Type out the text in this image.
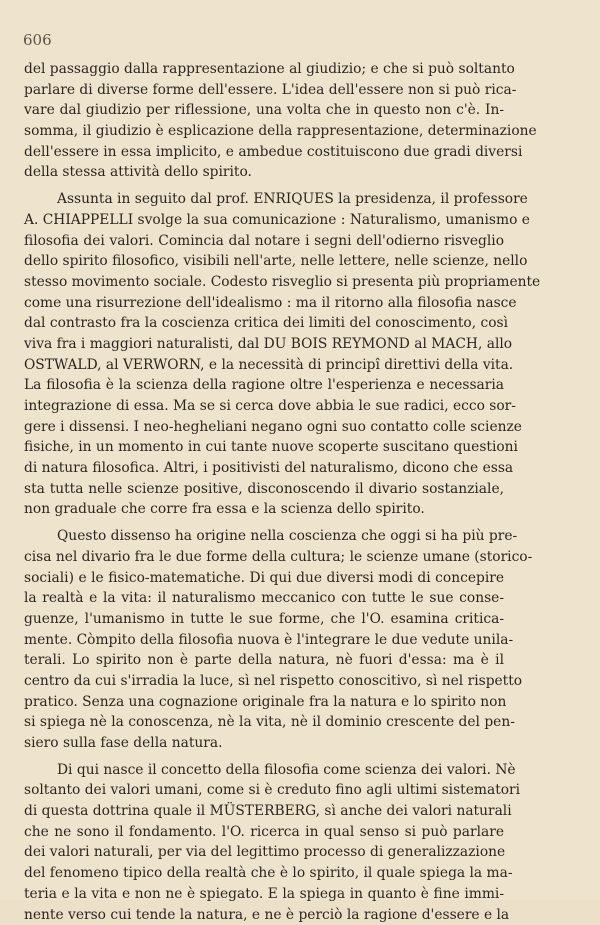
606
del passaggio dalla rappresentazione al giudizio; e che si può soltanto
parlare di diverse forme dell'essere. L'idea dell'essere non si può rica-
vare dal giudizio per riflessione, una volta che in questo non c'è. In-
somma, il giudizio è esplicazione della rappresentazione, determinazione
dell'essere in essa implicito, e ambedue costituiscono due gradi diversi
della stessa attività dello spirito.
Assunta in seguito dal prof. ENRIQUES la presidenza, il professore
A. CHIAPPELLI svolge la sua comunicazione : Naturalismo, umanismo e
filosofia dei valori. Comincia dal notare i segni dell'odierno risveglio
dello spirito filosofico, visibili nell'arte, nelle lettere, nelle scienze, nello
stesso movimento sociale. Codesto risveglio si presenta più propriamente
come una risurrezione dell'idealismo : ma il ritorno alla filosofia nasce
dal contrasto fra la coscienza critica dei limiti del conoscimento, così
viva fra i maggiori naturalisti, dal DU BOIS REYMOND al MACH, allo
OSTWALD, al VERWORN, e la necessità di principî direttivi della vita.
La filosofia è la scienza della ragione oltre l'esperienza e necessaria
integrazione di essa. Ma se si cerca dove abbia le sue radici, ecco sor-
gere i dissensi. I neo-hegheliani negano ogni suo contatto colle scienze
fisiche, in un momento in cui tante nuove scoperte suscitano questioni
di natura filosofica. Altri, i positivisti del naturalismo, dicono che essa
sta tutta nelle scienze positive, disconoscendo il divario sostanziale,
non graduale che corre fra essa e la scienza dello spirito.
Questo dissenso ha origine nella coscienza che oggi si ha più pre-
cisa nel divario fra le due forme della cultura; le scienze umane (storico-
sociali) e le fisico-matematiche. Di qui due diversi modi di concepire
la realtà e la vita: il naturalismo meccanico con tutte le sue conse-
guenze, l'umanismo in tutte le sue forme, che l'O. esamina critica-
mente. Còmpito della filosofia nuova è l'integrare le due vedute unila-
terali. Lo spirito non è parte della natura, nè fuori d'essa: ma è il
centro da cui s'irradia la luce, sì nel rispetto conoscitivo, sì nel rispetto
pratico. Senza una cognazione originale fra la natura e lo spirito non
si spiega nè la conoscenza, nè la vita, nè il dominio crescente del pen-
siero sulla fase della natura.
Di qui nasce il concetto della filosofia come scienza dei valori. Nè
soltanto dei valori umani, come si è creduto fino agli ultimi sistematori
di questa dottrina quale il MÜSTERBERG, sì anche dei valori naturali
che ne sono il fondamento. l'O. ricerca in qual senso si può parlare
dei valori naturali, per via del legittimo processo di generalizzazione
del fenomeno tipico della realtà che è lo spirito, il quale spiega la ma-
teria e la vita e non ne è spiegato. E la spiega in quanto è fine immi-
nente verso cui tende la natura, e ne è perciò la ragione d'essere e la
